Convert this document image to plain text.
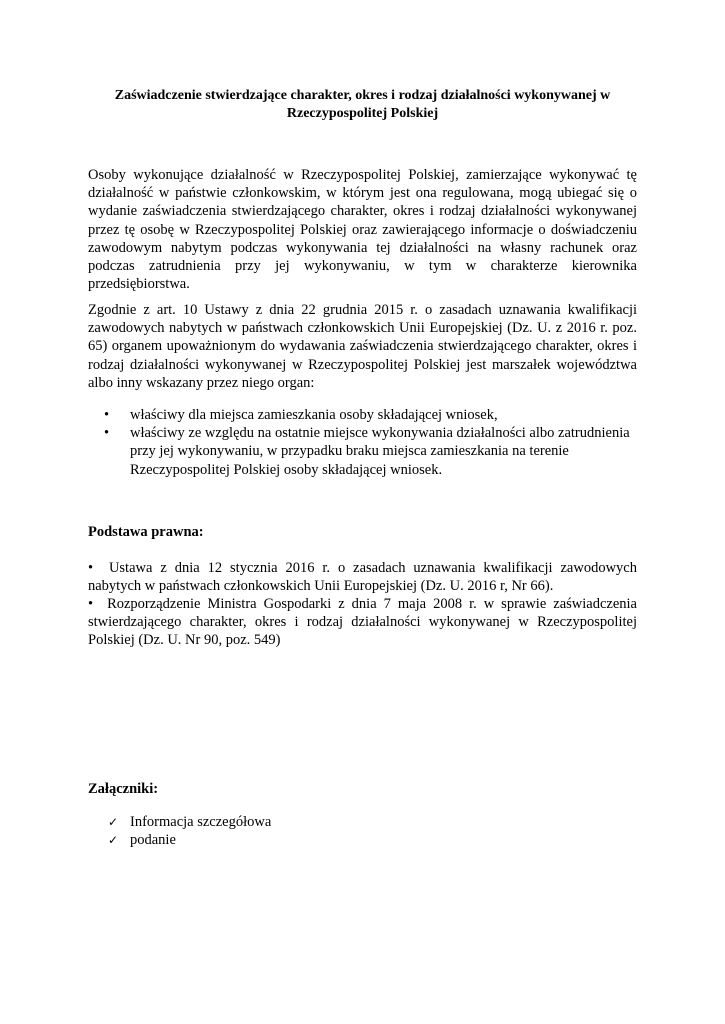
Zaświadczenie stwierdzające charakter, okres i rodzaj działalności wykonywanej w
Rzeczypospolitej Polskiej

Osoby wykonujące działalność w Rzeczypospolitej Polskiej, zamierzające wykonywać tę działalność w państwie członkowskim, w którym jest ona regulowana, mogą ubiegać się o wydanie zaświadczenia stwierdzającego charakter, okres i rodzaj działalności wykonywanej przez tę osobę w Rzeczypospolitej Polskiej oraz zawierającego informacje o doświadczeniu zawodowym nabytym podczas wykonywania tej działalności na własny rachunek oraz podczas zatrudnienia przy jej wykonywaniu, w tym w charakterze kierownika przedsiębiorstwa.

Zgodnie z art. 10 Ustawy z dnia 22 grudnia 2015 r. o zasadach uznawania kwalifikacji zawodowych nabytych w państwach członkowskich Unii Europejskiej (Dz. U. z 2016 r. poz. 65) organem upoważnionym do wydawania zaświadczenia stwierdzającego charakter, okres i rodzaj działalności wykonywanej w Rzeczypospolitej Polskiej jest marszałek województwa albo inny wskazany przez niego organ:

• właściwy dla miejsca zamieszkania osoby składającej wniosek,
• właściwy ze względu na ostatnie miejsce wykonywania działalności albo zatrudnienia przy jej wykonywaniu, w przypadku braku miejsca zamieszkania na terenie Rzeczypospolitej Polskiej osoby składającej wniosek.
Podstawa prawna:
• Ustawa z dnia 12 stycznia 2016 r. o zasadach uznawania kwalifikacji zawodowych nabytych w państwach członkowskich Unii Europejskiej (Dz. U. 2016 r, Nr 66).
• Rozporządzenie Ministra Gospodarki z dnia 7 maja 2008 r. w sprawie zaświadczenia stwierdzającego charakter, okres i rodzaj działalności wykonywanej w Rzeczypospolitej Polskiej (Dz. U. Nr 90, poz. 549)
Załączniki:
✓ Informacja szczegółowa
✓ podanie
